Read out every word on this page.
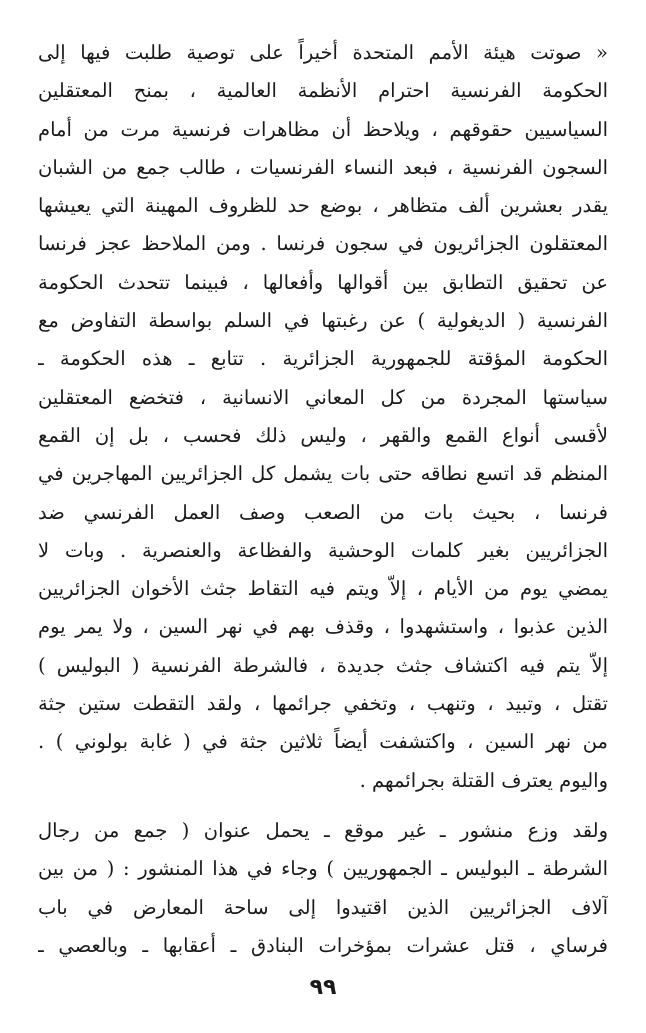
« صوتت هيئة الأمم المتحدة أخيراً على توصية طلبت فيها إلى
الحكومة الفرنسية احترام الأنظمة العالمية ، بمنح المعتقلين
السياسيين حقوقهم ، ويلاحظ أن مظاهرات فرنسية مرت من أمام
السجون الفرنسية ، فبعد النساء الفرنسيات ، طالب جمع من الشبان
يقدر بعشرين ألف متظاهر ، بوضع حد للظروف المهينة التي يعيشها
المعتقلون الجزائريون في سجون فرنسا . ومن الملاحظ عجز فرنسا
عن تحقيق التطابق بين أقوالها وأفعالها ، فبينما تتحدث الحكومة
الفرنسية ( الديغولية ) عن رغبتها في السلم بواسطة التفاوض مع
الحكومة المؤقتة للجمهورية الجزائرية . تتابع ـ هذه الحكومة ـ
سياستها المجردة من كل المعاني الانسانية ، فتخضع المعتقلين
لأقسى أنواع القمع والقهر ، وليس ذلك فحسب ، بل إن القمع
المنظم قد اتسع نطاقه حتى بات يشمل كل الجزائريين المهاجرين في
فرنسا ، بحيث بات من الصعب وصف العمل الفرنسي ضد
الجزائريين بغير كلمات الوحشية والفظاعة والعنصرية . وبات لا
يمضي يوم من الأيام ، إلاّ ويتم فيه التقاط جثث الأخوان الجزائريين
الذين عذبوا ، واستشهدوا ، وقذف بهم في نهر السين ، ولا يمر يوم
إلاّ يتم فيه اكتشاف جثث جديدة ، فالشرطة الفرنسية ( البوليس )
تقتل ، وتبيد ، وتنهب ، وتخفي جرائمها ، ولقد التقطت ستين جثة
من نهر السين ، واكتشفت أيضاً ثلاثين جثة في ( غابة بولوني ) .
واليوم يعترف القتلة بجرائمهم .
ولقد وزع منشور ـ غير موقع ـ يحمل عنوان ( جمع من رجال
الشرطة ـ البوليس ـ الجمهوريين ) وجاء في هذا المنشور : ( من بين
آلاف الجزائريين الذين اقتيدوا إلى ساحة المعارض في باب
فرساي ، قتل عشرات بمؤخرات البنادق ـ أعقابها ـ وبالعصي ـ
٩٩
